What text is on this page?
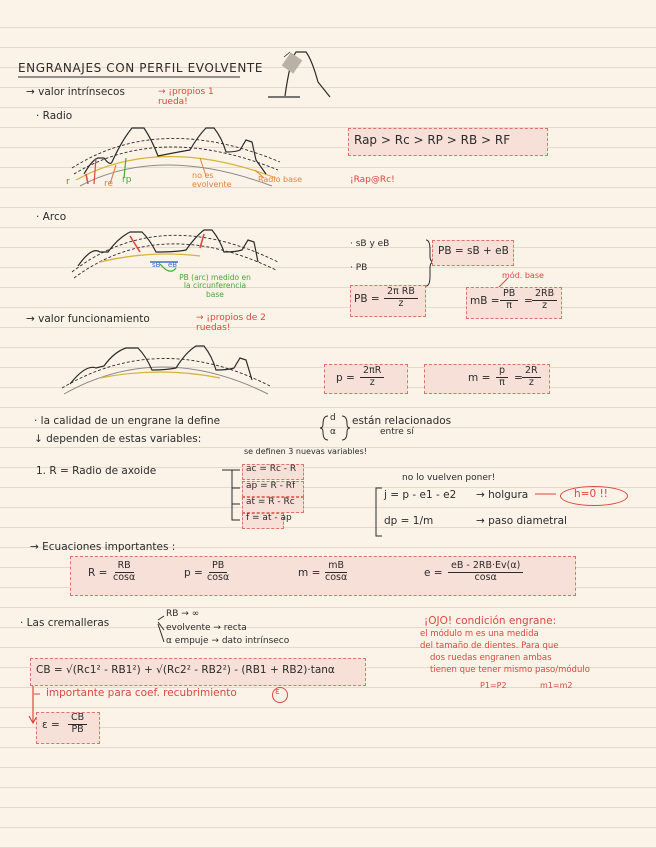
ENGRANAJES CON PERFIL EVOLVENTE
→ valor intrínsecos	→ ¡propios 1 rueda!
· Radio
Rap > Rc > RP > RB > RF
¡Rap@Rc!
r	re rp	no es evolvente
Radio base
· Arco
· sB y eB
· PB
PB = sB + eB
mód. base
PB = $\frac{\text{2π RB}}{z}$	mB = $\frac{PB}{\pi} = \frac{2RB}{z}$
sB eB
PB (arc) medido en la circunferencia base
→ valor funcionamiento	→ ¡propios de 2 ruedas!
$p = \frac{2\pi R}{z}$	$m = \frac{p}{\pi} = \frac{2R}{z}$
· la calidad de un engrane la define	d
α
están relacionados
entre sí
↓ dependen de estas variables:
1. R = Radio de axoide
se definen 3 nuevas variables!
ac = Rc - R
ap = R - Rf
at = R - Rc
f = at - ap
no lo vuelven poner!
j = p - e1 - e2 → holgura	h=0 !!
dp = 1/m	→ paso diametral
→ Ecuaciones importantes :
$R = \frac{RB}{\cos\alpha}$	$p = \frac{PB}{\cos\alpha}$	$m = \frac{mB}{\cos\alpha}$	$e = \frac{eB - 2RB\cdot Ev(\alpha)}{\cos\alpha}$
· Las cremalleras
RB → ∞
evolvente → recta
α empuje → dato intrínseco
¡OJO! condición engrane:
el módulo m es una medida
del tamaño de dientes. Para que
dos ruedas engranen ambas
tienen que tener mismo paso/módulo
P1=P2	m1=m2
CB = √(Rc1² - RB1²) + √(Rc2² - RB2²) - (RB1 + RB2)·tanα
importante para coef. recubrimiento	ε
$\varepsilon = \frac{CB}{PB}$
